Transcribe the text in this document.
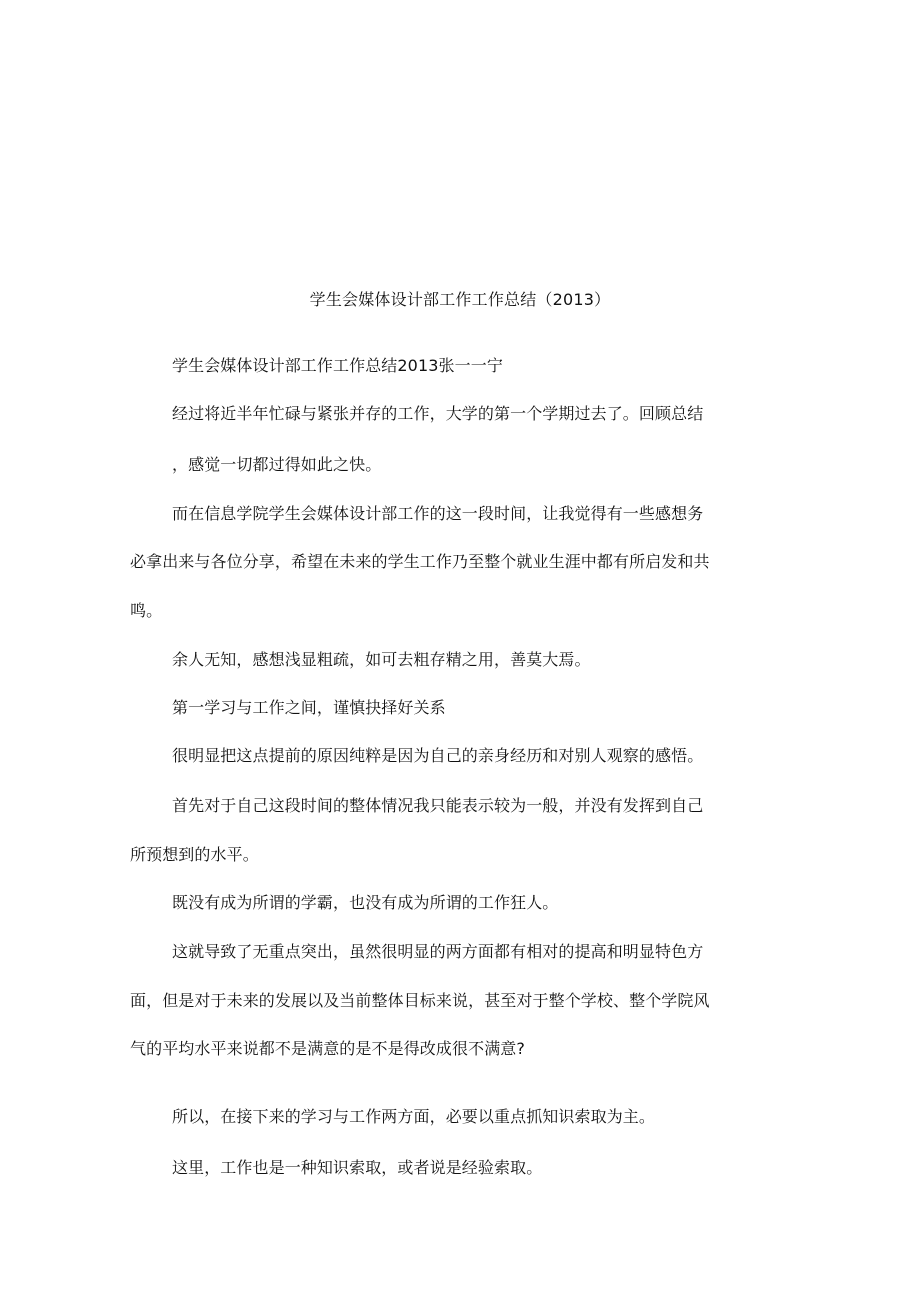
学生会媒体设计部工作工作总结（2013）
学生会媒体设计部工作工作总结2013张一一宁
经过将近半年忙碌与紧张并存的工作，大学的第一个学期过去了。回顾总结
，感觉一切都过得如此之快。
而在信息学院学生会媒体设计部工作的这一段时间，让我觉得有一些感想务
必拿出来与各位分享，希望在未来的学生工作乃至整个就业生涯中都有所启发和共
鸣。
余人无知，感想浅显粗疏，如可去粗存精之用，善莫大焉。
第一学习与工作之间，谨慎抉择好关系
很明显把这点提前的原因纯粹是因为自己的亲身经历和对别人观察的感悟。
首先对于自己这段时间的整体情况我只能表示较为一般，并没有发挥到自己
所预想到的水平。
既没有成为所谓的学霸，也没有成为所谓的工作狂人。
这就导致了无重点突出，虽然很明显的两方面都有相对的提高和明显特色方
面，但是对于未来的发展以及当前整体目标来说，甚至对于整个学校、整个学院风
气的平均水平来说都不是满意的是不是得改成很不满意?
所以，在接下来的学习与工作两方面，必要以重点抓知识索取为主。
这里，工作也是一种知识索取，或者说是经验索取。
